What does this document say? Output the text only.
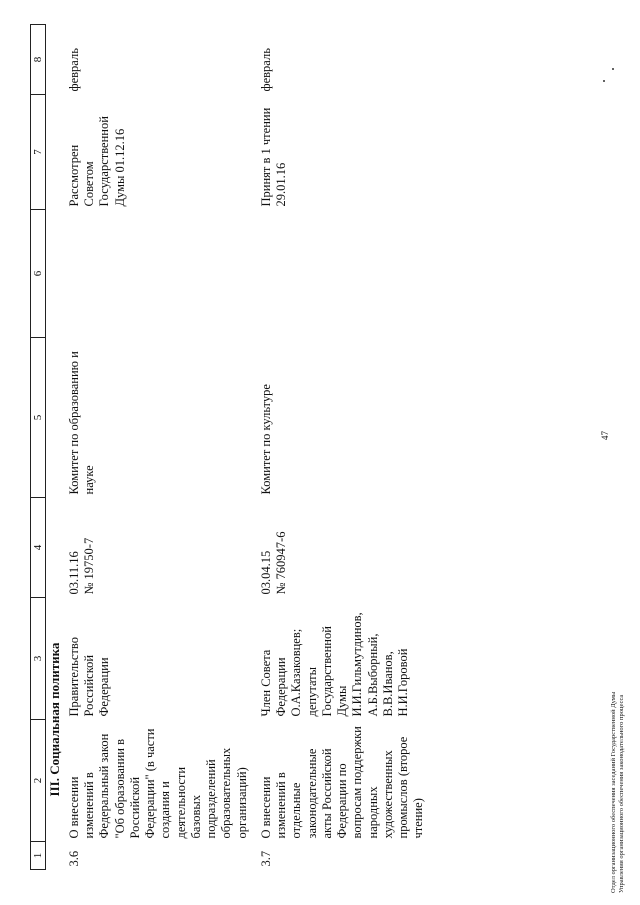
1	2	3	4	5	6	7	8
	III. Социальная политика						
3.6	О внесении изменений в Федеральный закон "Об образовании в Российской Федерации" (в части создания и деятельности базовых подразделений образовательных организаций)	Правительство Российской Федерации	03.11.16 № 19750-7	Комитет по образованию и науке		Рассмотрен Советом Государственной Думы 01.12.16	февраль
3.7	О внесении изменений в отдельные законодательные акты Российской Федерации по вопросам поддержки народных художественных промыслов (второе чтение)	Член Совета Федерации О.А.Казаковцев; депутаты Государственной Думы И.И.Гильмутдинов, А.Б.Выборный, В.В.Иванов, Н.И.Горовой	03.04.15 № 760947-6	Комитет по культуре		Принят в 1 чтении 29.01.16	февраль
47
Отдел организационного обеспечения заседаний Государственной Думы Управления организационного обеспечения законодательного процесса
